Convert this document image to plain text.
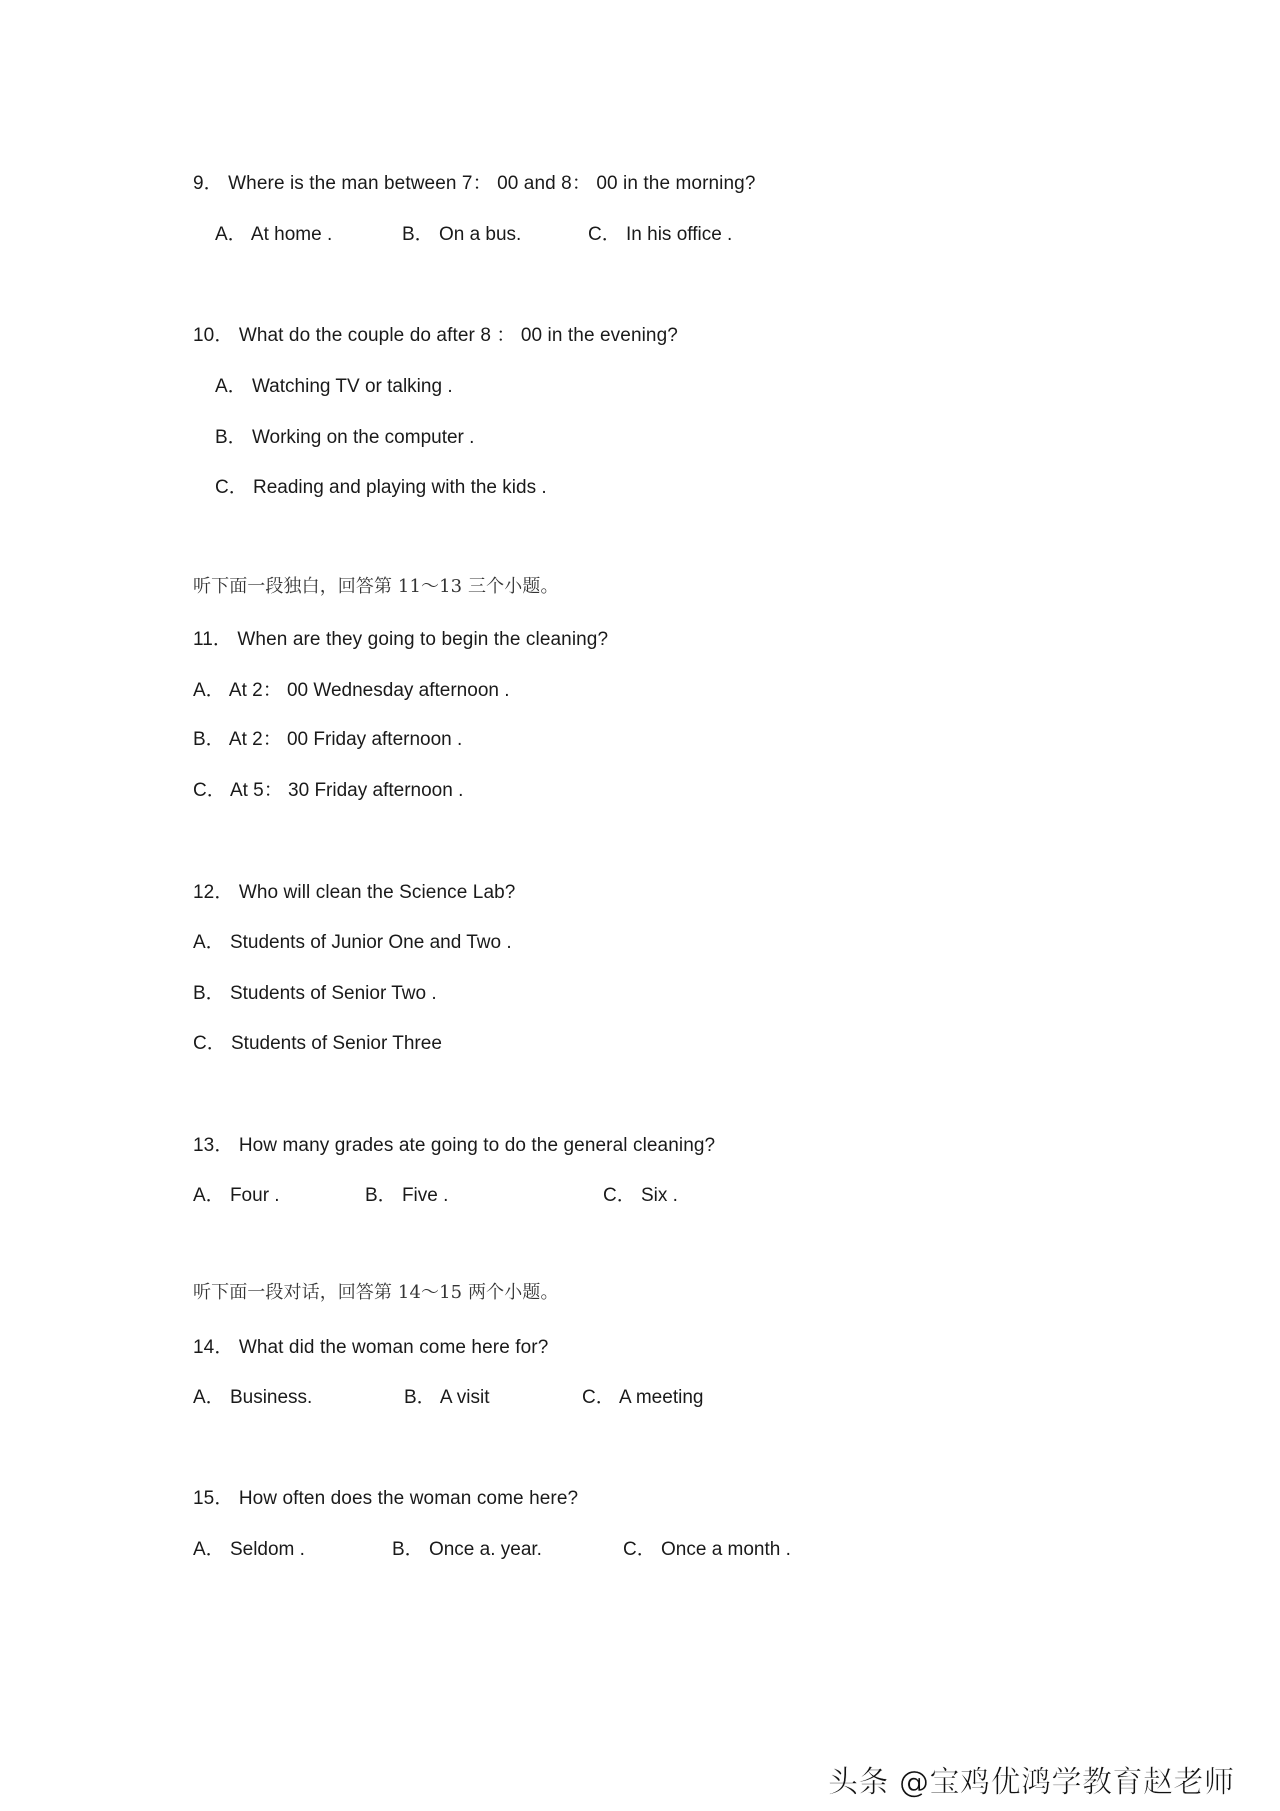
9． Where is the man between 7： 00 and 8： 00 in the morning?
A． At home .	B． On a bus.	C． In his office .
10． What do the couple do after 8 ： 00 in the evening?
A． Watching TV or talking .
B． Working on the computer .
C． Reading and playing with the kids .
听下面一段独白，回答第 11～13 三个小题。
11． When are they going to begin the cleaning?
A． At 2： 00 Wednesday afternoon .
B． At 2： 00 Friday afternoon .
C． At 5： 30 Friday afternoon .
12． Who will clean the Science Lab?
A． Students of Junior One and Two .
B． Students of Senior Two .
C． Students of Senior Three
13． How many grades ate going to do the general cleaning?
A． Four .	B． Five .	C． Six .
听下面一段对话，回答第 14～15 两个小题。
14． What did the woman come here for?
A． Business.	B． A visit	C． A meeting
15． How often does the woman come here?
A． Seldom .	B． Once a. year.	C． Once a month .
头条 @宝鸡优鸿学教育赵老师
